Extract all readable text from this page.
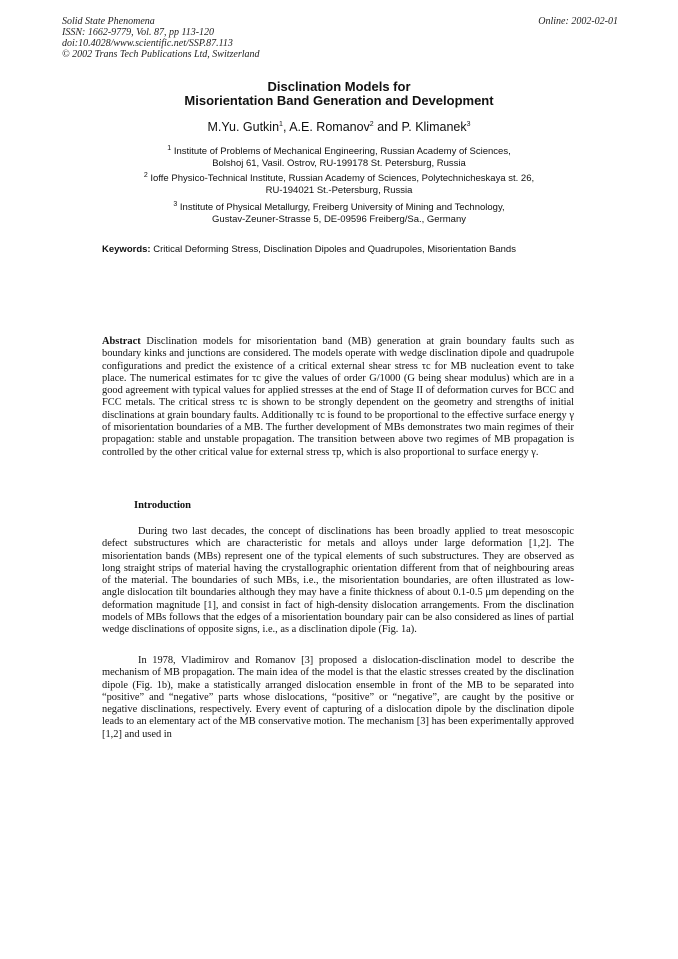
Solid State Phenomena
ISSN: 1662-9779, Vol. 87, pp 113-120
doi:10.4028/www.scientific.net/SSP.87.113
© 2002 Trans Tech Publications Ltd, Switzerland
Online: 2002-02-01
Disclination Models for
Misorientation Band Generation and Development
M.Yu. Gutkin$^1$, A.E. Romanov$^2$ and P. Klimanek$^3$
$^1$ Institute of Problems of Mechanical Engineering, Russian Academy of Sciences,
Bolshoj 61, Vasil. Ostrov, RU-199178 St. Petersburg, Russia
$^2$ Ioffe Physico-Technical Institute, Russian Academy of Sciences, Polytechnicheskaya st. 26,
RU-194021 St.-Petersburg, Russia
$^3$ Institute of Physical Metallurgy, Freiberg University of Mining and Technology,
Gustav-Zeuner-Strasse 5, DE-09596 Freiberg/Sa., Germany
Keywords: Critical Deforming Stress, Disclination Dipoles and Quadrupoles, Misorientation Bands
Abstract Disclination models for misorientation band (MB) generation at grain boundary faults such as boundary kinks and junctions are considered. The models operate with wedge disclination dipole and quadrupole configurations and predict the existence of a critical external shear stress τc for MB nucleation event to take place. The numerical estimates for τc give the values of order G/1000 (G being shear modulus) which are in a good agreement with typical values for applied stresses at the end of Stage II of deformation curves for BCC and FCC metals. The critical stress τc is shown to be strongly dependent on the geometry and strengths of initial disclinations at grain boundary faults. Additionally τc is found to be proportional to the effective surface energy γ of misorientation boundaries of a MB. The further development of MBs demonstrates two main regimes of their propagation: stable and unstable propagation. The transition between above two regimes of MB propagation is controlled by the other critical value for external stress τp, which is also proportional to surface energy γ.
Introduction
During two last decades, the concept of disclinations has been broadly applied to treat mesoscopic defect substructures which are characteristic for metals and alloys under large deformation [1,2]. The misorientation bands (MBs) represent one of the typical elements of such substructures. They are observed as long straight strips of material having the crystallographic orientation different from that of neighbouring areas of the material. The boundaries of such MBs, i.e., the misorientation boundaries, are often illustrated as low-angle dislocation tilt boundaries although they may have a finite thickness of about 0.1-0.5 μm depending on the deformation magnitude [1], and consist in fact of high-density dislocation arrangements. From the disclination models of MBs follows that the edges of a misorientation boundary pair can be also considered as lines of partial wedge disclinations of opposite signs, i.e., as a disclination dipole (Fig. 1a).
In 1978, Vladimirov and Romanov [3] proposed a dislocation-disclination model to describe the mechanism of MB propagation. The main idea of the model is that the elastic stresses created by the disclination dipole (Fig. 1b), make a statistically arranged dislocation ensemble in front of the MB to be separated into “positive” and “negative” parts whose dislocations, “positive” or “negative”, are caught by the positive or negative disclinations, respectively. Every event of capturing of a dislocation dipole by the disclination dipole leads to an elementary act of the MB conservative motion. The mechanism [3] has been experimentally approved [1,2] and used in
